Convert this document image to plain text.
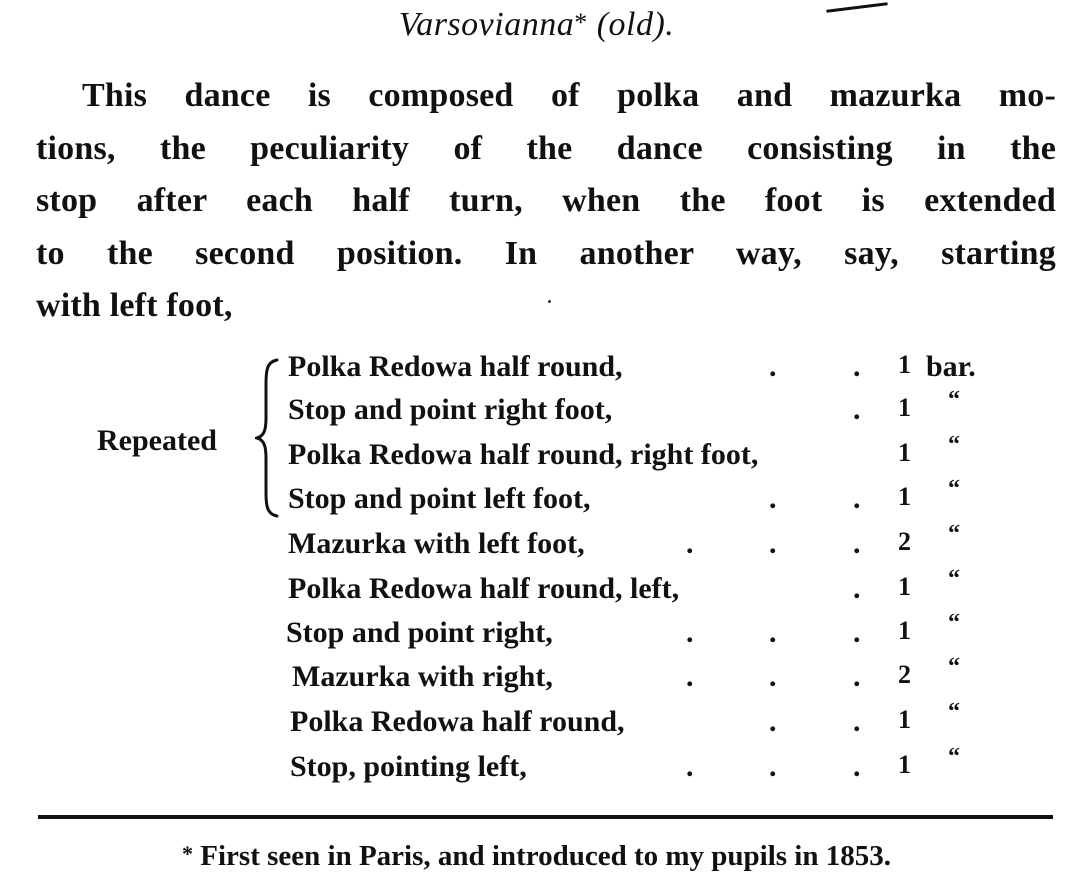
Varsovianna* (old).
This dance is composed of polka and mazurka mo-
tions, the peculiarity of the dance consisting in the
stop after each half turn, when the foot is extended
to the second position. In another way, say, starting
with left foot,
Repeated
Polka Redowa half round,	.	. 1 bar.
Stop and point right foot,	. 1 “
Polka Redowa half round, right foot,	1 “
Stop and point left foot,	.	. 1 “
Mazurka with left foot,	.	.	. 2 “
Polka Redowa half round, left,	. 1 “
Stop and point right,	.	.	. 1 “
Mazurka with right,	.	.	. 2 “
Polka Redowa half round,	.	. 1 “
Stop, pointing left,	.	.	. 1 “
* First seen in Paris, and introduced to my pupils in 1853.
